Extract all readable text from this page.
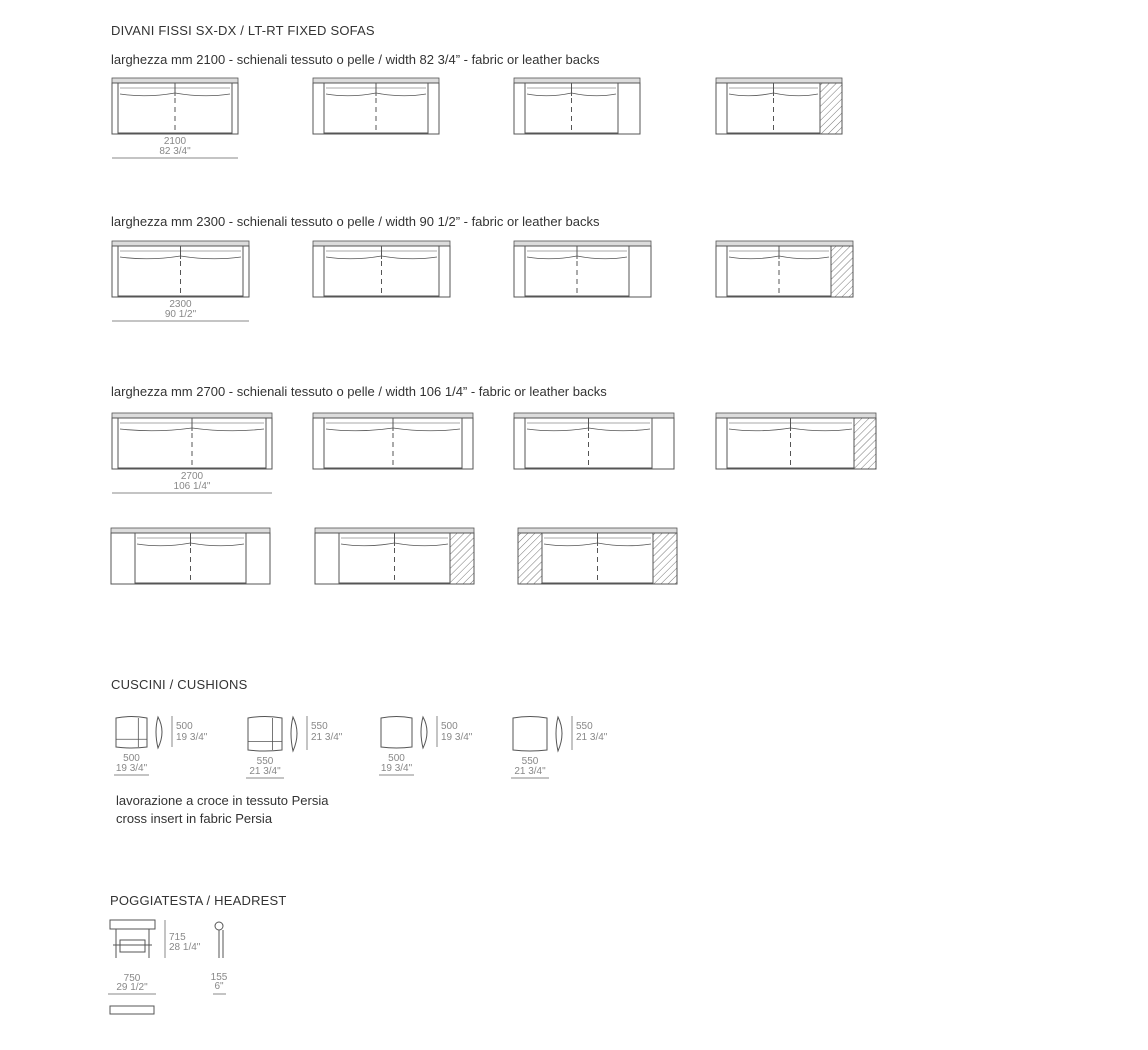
DIVANI FISSI SX-DX / LT-RT FIXED SOFAS
larghezza mm 2100 - schienali tessuto o pelle / width 82 3/4” - fabric or leather backs
larghezza mm 2300 - schienali tessuto o pelle / width 90 1/2” - fabric or leather backs
larghezza mm 2700 - schienali tessuto o pelle / width 106 1/4” - fabric or leather backs
CUSCINI / CUSHIONS
lavorazione a croce in tessuto Persia
cross insert in fabric Persia
POGGIATESTA / HEADREST
2100
82 3/4"
2300
90 1/2"
2700
106 1/4"
500
19 3/4"
500
19 3/4"
550
21 3/4"
550
21 3/4"
500
19 3/4"
500
19 3/4"
550
21 3/4"
550
21 3/4"
715
28 1/4"
750
29 1/2"
155
6"
